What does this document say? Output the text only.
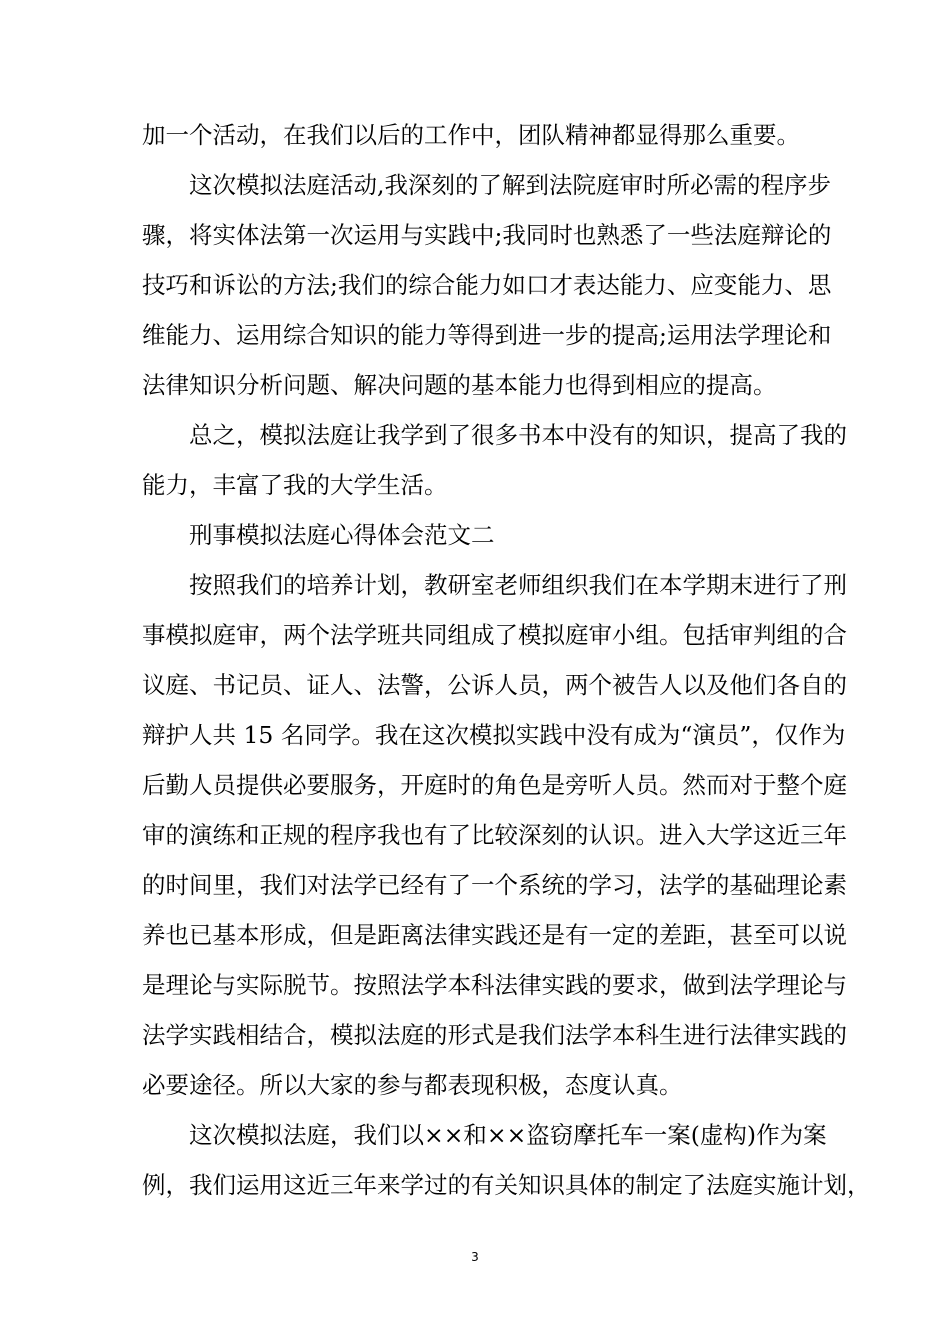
加一个活动，在我们以后的工作中，团队精神都显得那么重要。
这次模拟法庭活动,我深刻的了解到法院庭审时所必需的程序步
骤，将实体法第一次运用与实践中;我同时也熟悉了一些法庭辩论的
技巧和诉讼的方法;我们的综合能力如口才表达能力、应变能力、思
维能力、运用综合知识的能力等得到进一步的提高;运用法学理论和
法律知识分析问题、解决问题的基本能力也得到相应的提高。
总之，模拟法庭让我学到了很多书本中没有的知识，提高了我的
能力，丰富了我的大学生活。
刑事模拟法庭心得体会范文二
按照我们的培养计划，教研室老师组织我们在本学期末进行了刑
事模拟庭审，两个法学班共同组成了模拟庭审小组。包括审判组的合
议庭、书记员、证人、法警，公诉人员，两个被告人以及他们各自的
辩护人共 15 名同学。我在这次模拟实践中没有成为“演员”，仅作为
后勤人员提供必要服务，开庭时的角色是旁听人员。然而对于整个庭
审的演练和正规的程序我也有了比较深刻的认识。进入大学这近三年
的时间里，我们对法学已经有了一个系统的学习，法学的基础理论素
养也已基本形成，但是距离法律实践还是有一定的差距，甚至可以说
是理论与实际脱节。按照法学本科法律实践的要求，做到法学理论与
法学实践相结合，模拟法庭的形式是我们法学本科生进行法律实践的
必要途径。所以大家的参与都表现积极，态度认真。
这次模拟法庭，我们以××和××盗窃摩托车一案(虚构)作为案
例，我们运用这近三年来学过的有关知识具体的制定了法庭实施计划，
3
